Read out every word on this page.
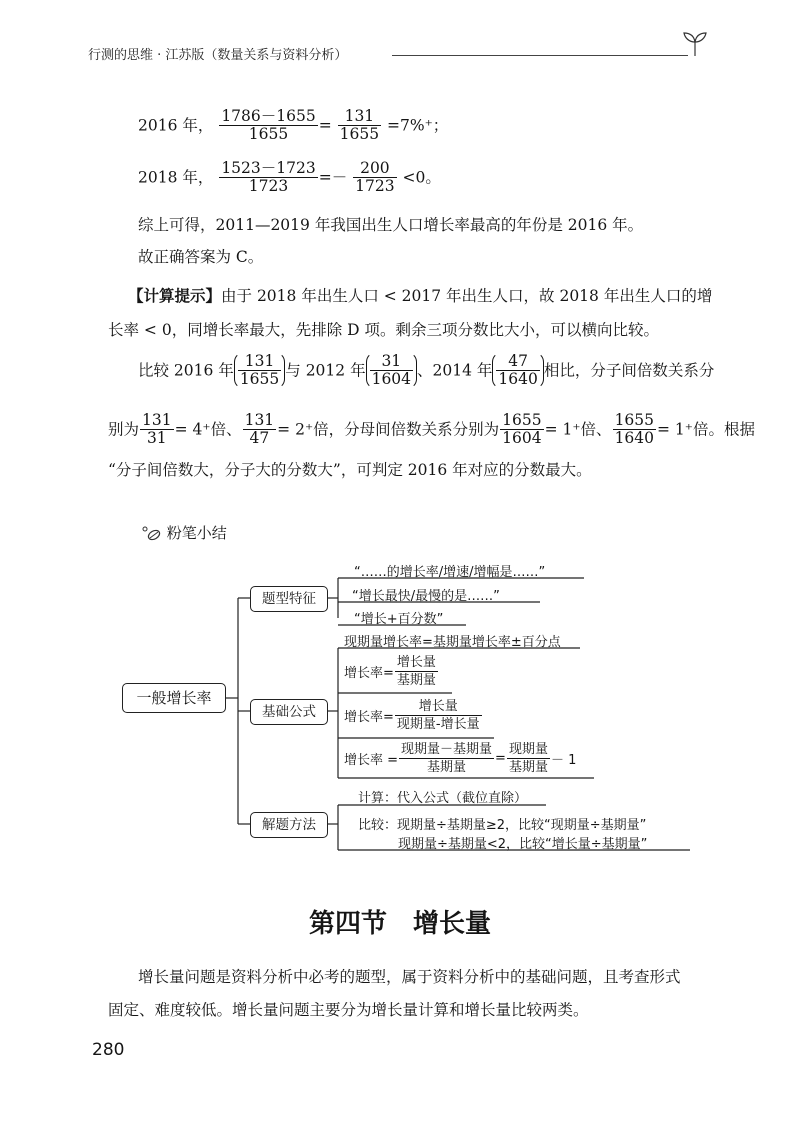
行测的思维 · 江苏版（数量关系与资料分析）
2016 年， $\frac{1786-1655}{1655} = \frac{131}{1655} =7\%^+$；
2018 年， $\frac{1523-1723}{1723} =- \frac{200}{1723} <0$。
综上可得，2011—2019 年我国出生人口增长率最高的年份是 2016 年。
故正确答案为 C。
【计算提示】由于 2018 年出生人口 < 2017 年出生人口，故 2018 年出生人口的增
长率 < 0，同增长率最大，先排除 D 项。剩余三项分数比大小，可以横向比较。
比较 2016 年 $\frac{131}{1655}$ 与 2012 年 $\frac{31}{1604}$ 、2014 年 $\frac{47}{1640}$ 相比，分子间倍数关系分
别为 $\frac{131}{31} = 4^+$倍、 $\frac{131}{47} = 2^+$倍，分母间倍数关系分别为 $\frac{1655}{1604} = 1^+$倍、 $\frac{1655}{1640} = 1^+$倍。根据
“分子间倍数大，分子大的分数大”，可判定 2016 年对应的分数最大。
粉笔小结
一般增长率
题型特征
基础公式
解题方法
“……的增长率/增速/增幅是……”
“增长最快/最慢的是……”
“增长+百分数”
现期量增长率=基期量增长率±百分点
增长率= $\frac{\text{增长量}}{\text{基期量}}$
增长率= $\frac{\text{增长量}}{\text{现期量-增长量}}$
增长率 = $\frac{\text{现期量－基期量}}{\text{基期量}} = \frac{\text{现期量}}{\text{基期量}} - 1$
计算：代入公式（截位直除）
比较：现期量÷基期量≥2，比较“现期量÷基期量”
现期量÷基期量<2，比较“增长量÷基期量”
第四节　增长量
增长量问题是资料分析中必考的题型，属于资料分析中的基础问题，且考查形式
固定、难度较低。增长量问题主要分为增长量计算和增长量比较两类。
280
